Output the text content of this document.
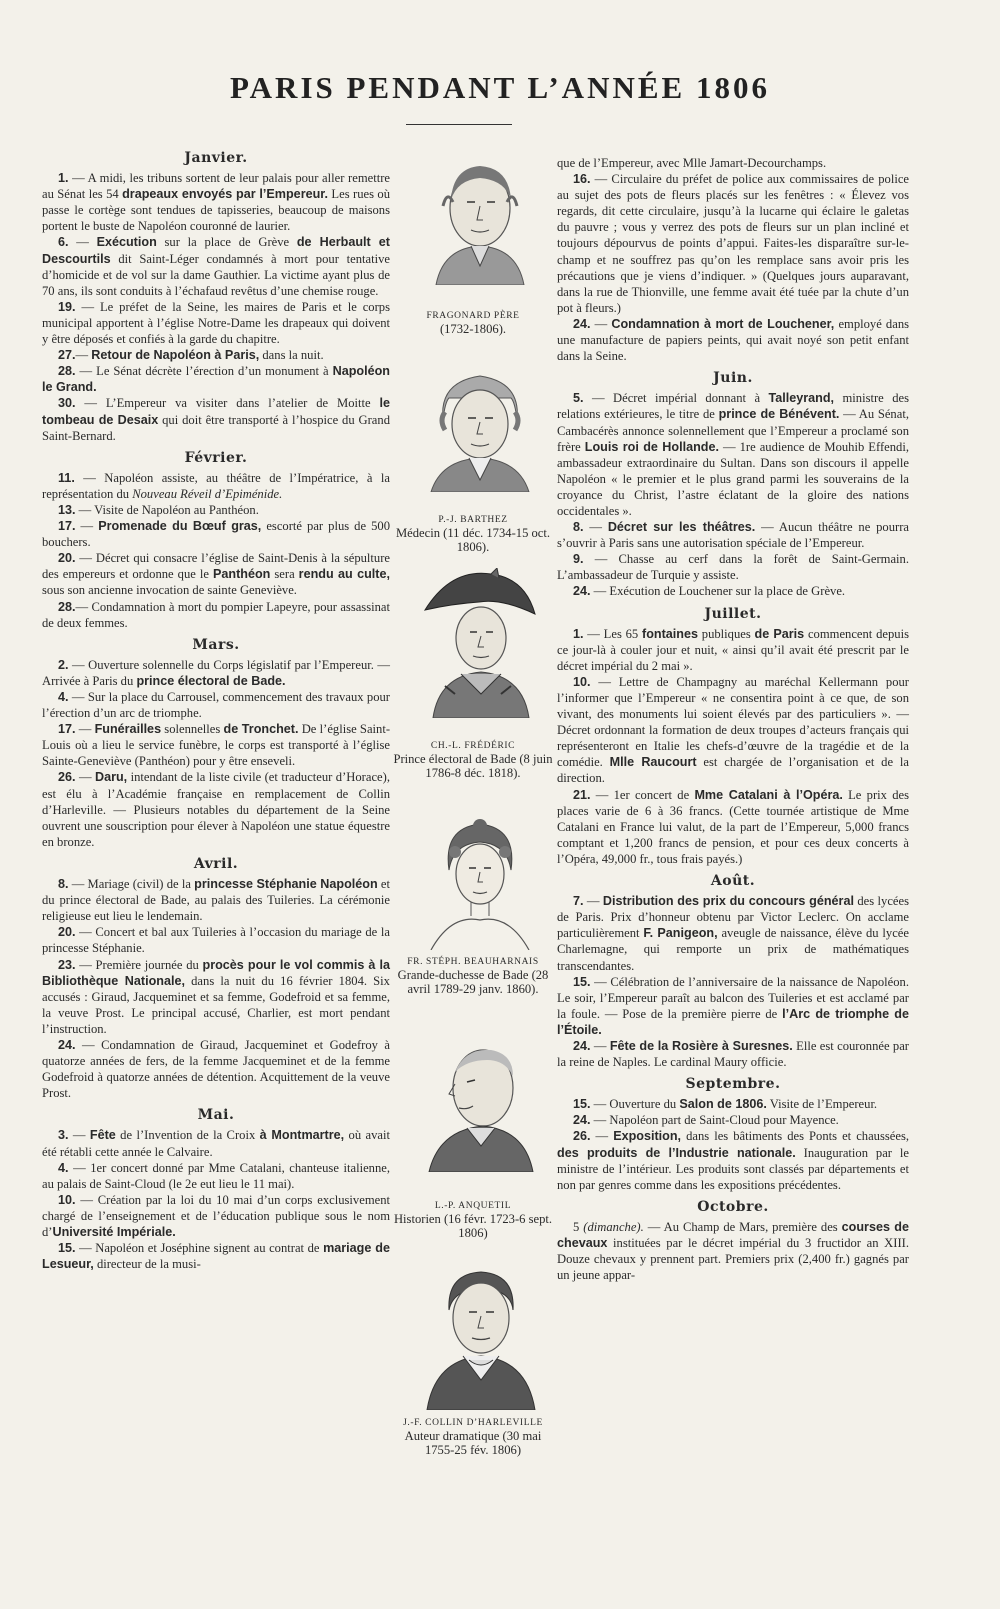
PARIS PENDANT L’ANNÉE 1806
Janvier.

1. — A midi, les tribuns sortent de leur palais pour aller remettre au Sénat les 54 drapeaux envoyés par l’Empereur. Les rues où passe le cortège sont tendues de tapisseries, beaucoup de maisons portent le buste de Napoléon couronné de laurier.

6. — Exécution sur la place de Grève de Herbault et Descourtils dit Saint-Léger condamnés à mort pour tentative d’homicide et de vol sur la dame Gauthier. La victime ayant plus de 70 ans, ils sont conduits à l’échafaud revêtus d’une chemise rouge.

19. — Le préfet de la Seine, les maires de Paris et le corps municipal apportent à l’église Notre-Dame les drapeaux qui doivent y être déposés et confiés à la garde du chapitre.

27.— Retour de Napoléon à Paris, dans la nuit.

28. — Le Sénat décrète l’érection d’un monument à Napoléon le Grand.

30. — L’Empereur va visiter dans l’atelier de Moitte le tombeau de Desaix qui doit être transporté à l’hospice du Grand Saint-Bernard.

Février.

11. — Napoléon assiste, au théâtre de l’Impératrice, à la représentation du Nouveau Réveil d’Epiménide.

13. — Visite de Napoléon au Panthéon.

17. — Promenade du Bœuf gras, escorté par plus de 500 bouchers.

20. — Décret qui consacre l’église de Saint-Denis à la sépulture des empereurs et ordonne que le Panthéon sera rendu au culte, sous son ancienne invocation de sainte Geneviève.

28.— Condamnation à mort du pompier Lapeyre, pour assassinat de deux femmes.

Mars.

2. — Ouverture solennelle du Corps législatif par l’Empereur. — Arrivée à Paris du prince électoral de Bade.

4. — Sur la place du Carrousel, commencement des travaux pour l’érection d’un arc de triomphe.

17. — Funérailles solennelles de Tronchet. De l’église Saint-Louis où a lieu le service funèbre, le corps est transporté à l’église Sainte-Geneviève (Panthéon) pour y être enseveli.

26. — Daru, intendant de la liste civile (et traducteur d’Horace), est élu à l’Académie française en remplacement de Collin d’Harleville. — Plusieurs notables du département de la Seine ouvrent une souscription pour élever à Napoléon une statue équestre en bronze.

Avril.

8. — Mariage (civil) de la princesse Stéphanie Napoléon et du prince électoral de Bade, au palais des Tuileries. La cérémonie religieuse eut lieu le lendemain.

20. — Concert et bal aux Tuileries à l’occasion du mariage de la princesse Stéphanie.

23. — Première journée du procès pour le vol commis à la Bibliothèque Nationale, dans la nuit du 16 février 1804. Six accusés : Giraud, Jacqueminet et sa femme, Godefroid et sa femme, la veuve Prost. Le principal accusé, Charlier, est mort pendant l’instruction.

24. — Condamnation de Giraud, Jacqueminet et Godefroy à quatorze années de fers, de la femme Jacqueminet et de la femme Godefroid à quatorze années de détention. Acquittement de la veuve Prost.

Mai.

3. — Fête de l’Invention de la Croix à Montmartre, où avait été rétabli cette année le Calvaire.

4. — 1er concert donné par Mme Catalani, chanteuse italienne, au palais de Saint-Cloud (le 2e eut lieu le 11 mai).

10. — Création par la loi du 10 mai d’un corps exclusivement chargé de l’enseignement et de l’éducation publique sous le nom d’Université Impériale.

15. — Napoléon et Joséphine signent au contrat de mariage de Lesueur, directeur de la musi-

FRAGONARD PÈRE
(1732-1806).
P.-J. BARTHEZ
Médecin (11 déc. 1734-15 oct. 1806).
CH.-L. FRÉDÉRIC
Prince électoral de Bade (8 juin 1786-8 déc. 1818).
FR. STÉPH. BEAUHARNAIS
Grande-duchesse de Bade (28 avril 1789-29 janv. 1860).
L.-P. ANQUETIL
Historien (16 févr. 1723-6 sept. 1806)
J.-F. COLLIN D’HARLEVILLE
Auteur dramatique (30 mai 1755-25 fév. 1806)

que de l’Empereur, avec Mlle Jamart-Decourchamps.

16. — Circulaire du préfet de police aux commissaires de police au sujet des pots de fleurs placés sur les fenêtres : « Élevez vos regards, dit cette circulaire, jusqu’à la lucarne qui éclaire le galetas du pauvre ; vous y verrez des pots de fleurs sur un plan incliné et toujours dépourvus de points d’appui. Faites-les disparaître sur-le-champ et ne souffrez pas qu’on les remplace sans avoir pris les précautions que je viens d’indiquer. » (Quelques jours auparavant, dans la rue de Thionville, une femme avait été tuée par la chute d’un pot à fleurs.)

24. — Condamnation à mort de Louchener, employé dans une manufacture de papiers peints, qui avait noyé son petit enfant dans la Seine.

Juin.

5. — Décret impérial donnant à Talleyrand, ministre des relations extérieures, le titre de prince de Bénévent. — Au Sénat, Cambacérès annonce solennellement que l’Empereur a proclamé son frère Louis roi de Hollande. — 1re audience de Mouhib Effendi, ambassadeur extraordinaire du Sultan. Dans son discours il appelle Napoléon « le premier et le plus grand parmi les souverains de la croyance du Christ, l’astre éclatant de la gloire des nations occidentales ».

8. — Décret sur les théâtres. — Aucun théâtre ne pourra s’ouvrir à Paris sans une autorisation spéciale de l’Empereur.

9. — Chasse au cerf dans la forêt de Saint-Germain. L’ambassadeur de Turquie y assiste.

24. — Exécution de Louchener sur la place de Grève.

Juillet.

1. — Les 65 fontaines publiques de Paris commencent depuis ce jour-là à couler jour et nuit, « ainsi qu’il avait été prescrit par le décret impérial du 2 mai ».

10. — Lettre de Champagny au maréchal Kellermann pour l’informer que l’Empereur « ne consentira point à ce que, de son vivant, des monuments lui soient élevés par des particuliers ». — Décret ordonnant la formation de deux troupes d’acteurs français qui représenteront en Italie les chefs-d’œuvre de la tragédie et de la comédie. Mlle Raucourt est chargée de l’organisation et de la direction.

21. — 1er concert de Mme Catalani à l’Opéra. Le prix des places varie de 6 à 36 francs. (Cette tournée artistique de Mme Catalani en France lui valut, de la part de l’Empereur, 5,000 francs comptant et 1,200 francs de pension, et pour ces deux concerts à l’Opéra, 49,000 fr., tous frais payés.)

Août.

7. — Distribution des prix du concours général des lycées de Paris. Prix d’honneur obtenu par Victor Leclerc. On acclame particulièrement F. Panigeon, aveugle de naissance, élève du lycée Charlemagne, qui remporte un prix de mathématiques transcendantes.

15. — Célébration de l’anniversaire de la naissance de Napoléon. Le soir, l’Empereur paraît au balcon des Tuileries et est acclamé par la foule. — Pose de la première pierre de l’Arc de triomphe de l’Étoile.

24. — Fête de la Rosière à Suresnes. Elle est couronnée par la reine de Naples. Le cardinal Maury officie.

Septembre.

15. — Ouverture du Salon de 1806. Visite de l’Empereur.

24. — Napoléon part de Saint-Cloud pour Mayence.

26. — Exposition, dans les bâtiments des Ponts et chaussées, des produits de l’Industrie nationale. Inauguration par le ministre de l’intérieur. Les produits sont classés par départements et non par genres comme dans les expositions précédentes.

Octobre.

5 (dimanche). — Au Champ de Mars, première des courses de chevaux instituées par le décret impérial du 3 fructidor an XIII. Douze chevaux y prennent part. Premiers prix (2,400 fr.) gagnés par un jeune appar-
